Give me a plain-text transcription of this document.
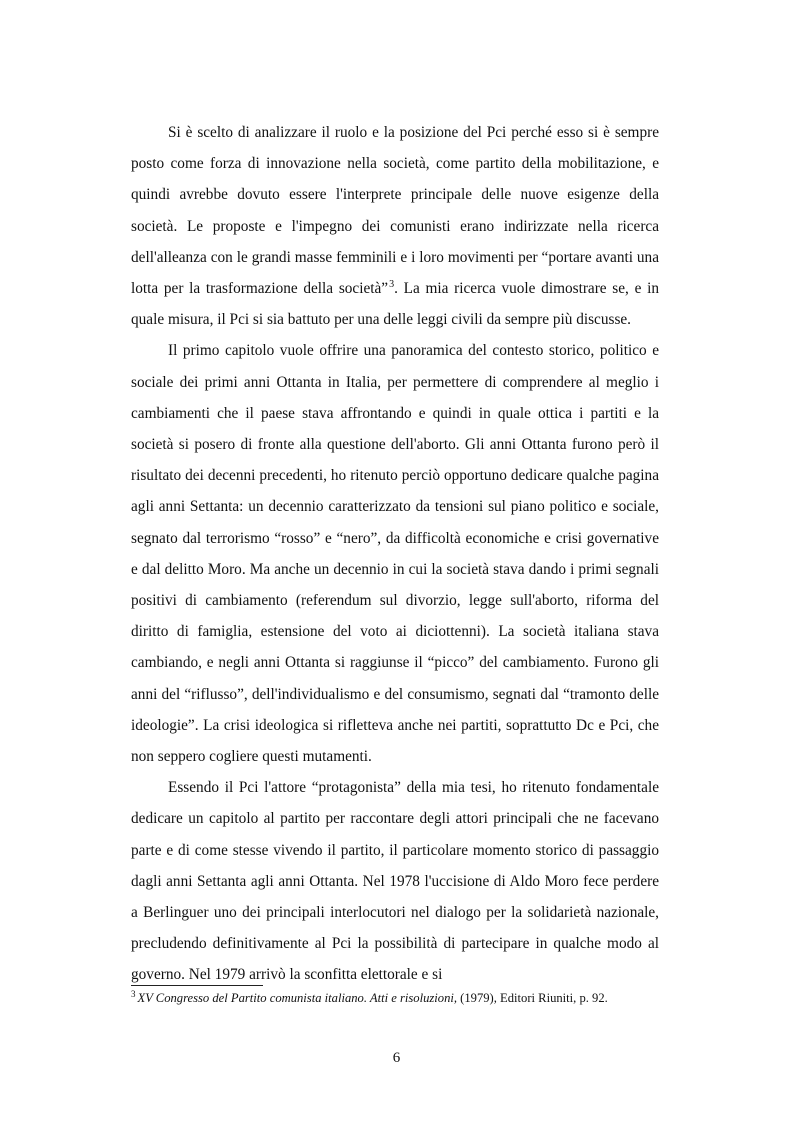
Si è scelto di analizzare il ruolo e la posizione del Pci perché esso si è sempre posto come forza di innovazione nella società, come partito della mobilitazione, e quindi avrebbe dovuto essere l'interprete principale delle nuove esigenze della società. Le proposte e l'impegno dei comunisti erano indirizzate nella ricerca dell'alleanza con le grandi masse femminili e i loro movimenti per “portare avanti una lotta per la trasformazione della società”$^3$. La mia ricerca vuole dimostrare se, e in quale misura, il Pci si sia battuto per una delle leggi civili da sempre più discusse.

Il primo capitolo vuole offrire una panoramica del contesto storico, politico e sociale dei primi anni Ottanta in Italia, per permettere di comprendere al meglio i cambiamenti che il paese stava affrontando e quindi in quale ottica i partiti e la società si posero di fronte alla questione dell'aborto. Gli anni Ottanta furono però il risultato dei decenni precedenti, ho ritenuto perciò opportuno dedicare qualche pagina agli anni Settanta: un decennio caratterizzato da tensioni sul piano politico e sociale, segnato dal terrorismo “rosso” e “nero”, da difficoltà economiche e crisi governative e dal delitto Moro. Ma anche un decennio in cui la società stava dando i primi segnali positivi di cambiamento (referendum sul divorzio, legge sull'aborto, riforma del diritto di famiglia, estensione del voto ai diciottenni). La società italiana stava cambiando, e negli anni Ottanta si raggiunse il “picco” del cambiamento. Furono gli anni del “riflusso”, dell'individualismo e del consumismo, segnati dal “tramonto delle ideologie”. La crisi ideologica si rifletteva anche nei partiti, soprattutto Dc e Pci, che non seppero cogliere questi mutamenti.

Essendo il Pci l'attore “protagonista” della mia tesi, ho ritenuto fondamentale dedicare un capitolo al partito per raccontare degli attori principali che ne facevano parte e di come stesse vivendo il partito, il particolare momento storico di passaggio dagli anni Settanta agli anni Ottanta. Nel 1978 l'uccisione di Aldo Moro fece perdere a Berlinguer uno dei principali interlocutori nel dialogo per la solidarietà nazionale, precludendo definitivamente al Pci la possibilità di partecipare in qualche modo al governo. Nel 1979 arrivò la sconfitta elettorale e si

$^3$ XV Congresso del Partito comunista italiano. Atti e risoluzioni, (1979), Editori Riuniti, p. 92.
6
